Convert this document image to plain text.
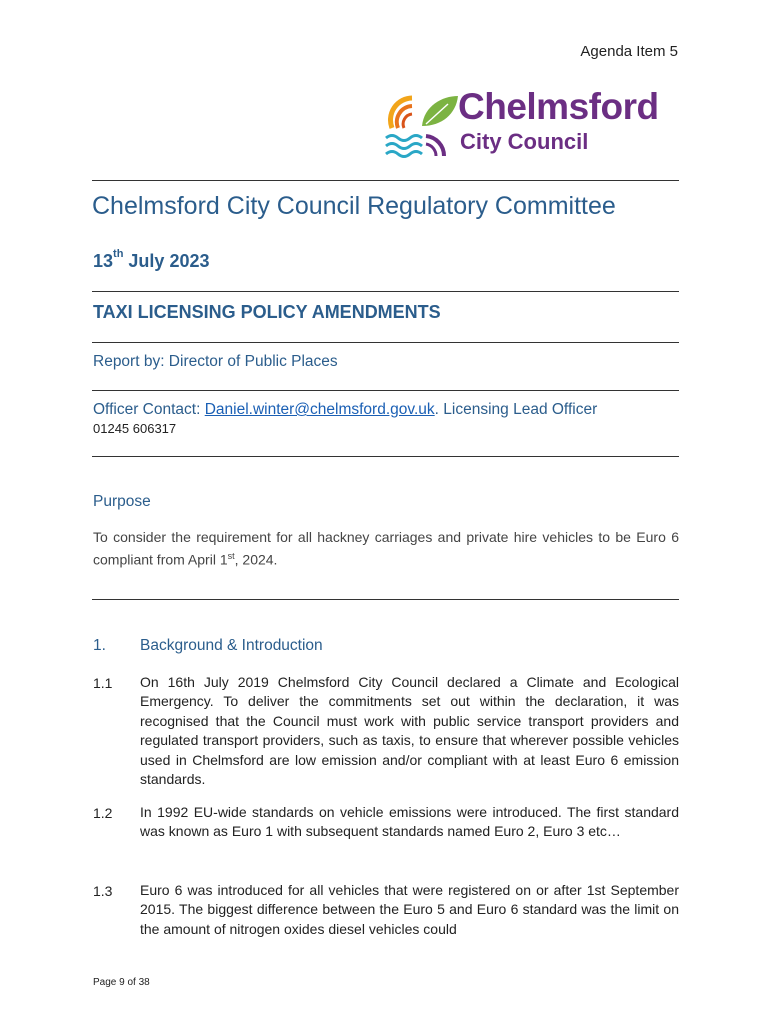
Agenda Item 5
Chelmsford
City Council
Chelmsford City Council Regulatory Committee
13th July 2023
TAXI LICENSING POLICY AMENDMENTS
Report by: Director of Public Places
Officer Contact: Daniel.winter@chelmsford.gov.uk. Licensing Lead Officer
01245 606317
Purpose
To consider the requirement for all hackney carriages and private hire vehicles to be Euro 6 compliant from April 1st, 2024.
1. Background & Introduction
1.1 On 16th July 2019 Chelmsford City Council declared a Climate and Ecological Emergency. To deliver the commitments set out within the declaration, it was recognised that the Council must work with public service transport providers and regulated transport providers, such as taxis, to ensure that wherever possible vehicles used in Chelmsford are low emission and/or compliant with at least Euro 6 emission standards.
1.2 In 1992 EU-wide standards on vehicle emissions were introduced. The first standard was known as Euro 1 with subsequent standards named Euro 2, Euro 3 etc…
1.3 Euro 6 was introduced for all vehicles that were registered on or after 1st September 2015. The biggest difference between the Euro 5 and Euro 6 standard was the limit on the amount of nitrogen oxides diesel vehicles could
Page 9 of 38
